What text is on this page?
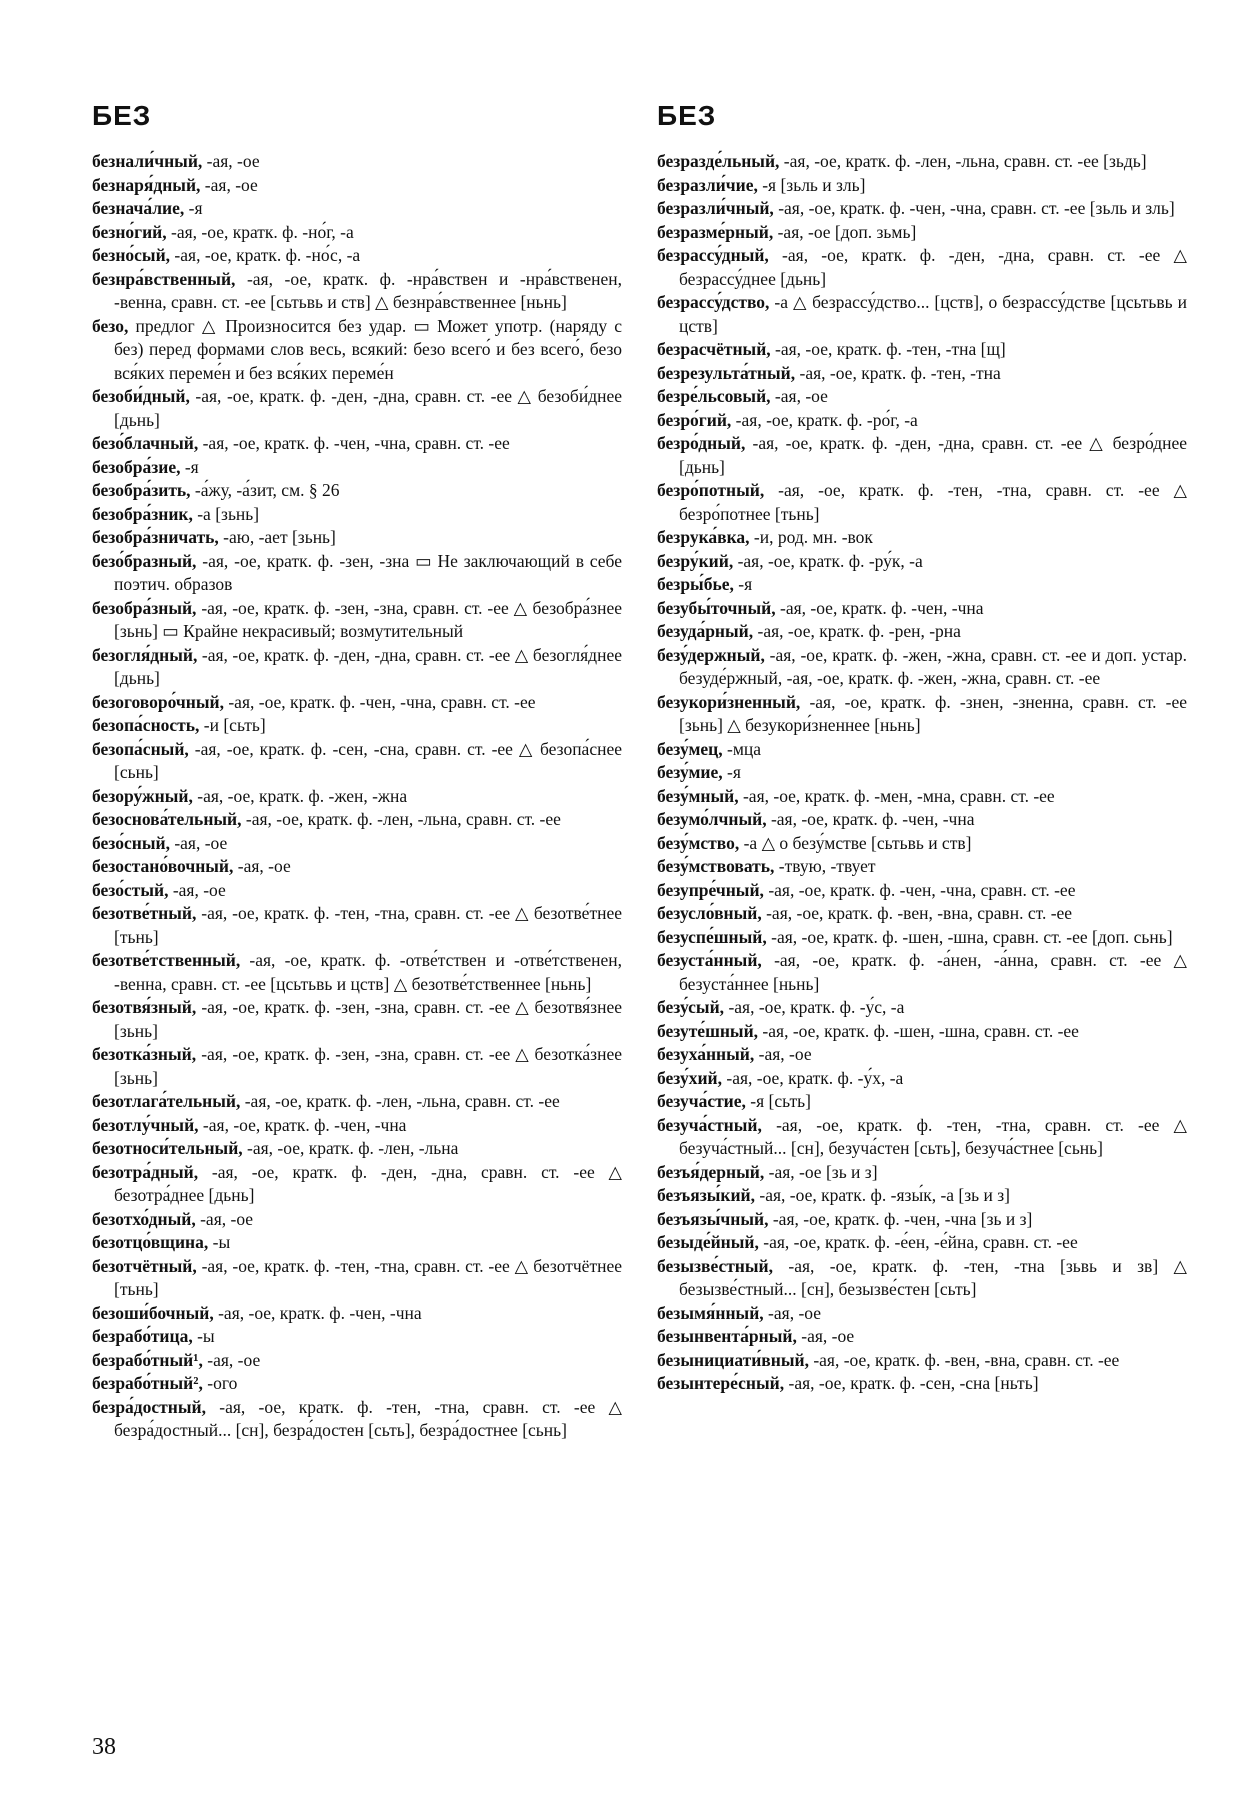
БЕЗ

безнали́чный, -ая, -ое

безнаря́дный, -ая, -ое

безнача́лие, -я

безно́гий, -ая, -ое, кратк. ф. -но́г, -а

безно́сый, -ая, -ое, кратк. ф. -но́с, -а

безнра́вственный, -ая, -ое, кратк. ф. -нра́вствен и -нра́вственен, -венна, сравн. ст. -ее [сьтьвь и ств] △ безнра́вственнее [ньнь]

безо, предлог △ Произносится без удар. ▭ Может употр. (наряду с без) перед формами слов весь, всякий: безо всего́ и без всего́, безо вся́ких переме́н и без вся́ких переме́н

безоби́дный, -ая, -ое, кратк. ф. -ден, -дна, сравн. ст. -ее △ безоби́днее [дьнь]

безо́блачный, -ая, -ое, кратк. ф. -чен, -чна, сравн. ст. -ее

безобра́зие, -я

безобра́зить, -а́жу, -а́зит, см. § 26

безобра́зник, -а [зьнь]

безобра́зничать, -аю, -ает [зьнь]

безо́бразный, -ая, -ое, кратк. ф. -зен, -зна ▭ Не заключающий в себе поэтич. образов

безобра́зный, -ая, -ое, кратк. ф. -зен, -зна, сравн. ст. -ее △ безобра́знее [зьнь] ▭ Крайне некрасивый; возмутительный

безогля́дный, -ая, -ое, кратк. ф. -ден, -дна, сравн. ст. -ее △ безогля́днее [дьнь]

безоговоро́чный, -ая, -ое, кратк. ф. -чен, -чна, сравн. ст. -ее

безопа́сность, -и [сьть]

безопа́сный, -ая, -ое, кратк. ф. -сен, -сна, сравн. ст. -ее △ безопа́снее [сьнь]

безору́жный, -ая, -ое, кратк. ф. -жен, -жна

безоснова́тельный, -ая, -ое, кратк. ф. -лен, -льна, сравн. ст. -ее

безо́сный, -ая, -ое

безостано́вочный, -ая, -ое

безо́стый, -ая, -ое

безотве́тный, -ая, -ое, кратк. ф. -тен, -тна, сравн. ст. -ее △ безотве́тнее [тьнь]

безотве́тственный, -ая, -ое, кратк. ф. -отве́тствен и -отве́тственен, -венна, сравн. ст. -ее [цсьтьвь и цств] △ безотве́тственнее [ньнь]

безотвя́зный, -ая, -ое, кратк. ф. -зен, -зна, сравн. ст. -ее △ безотвя́знее [зьнь]

безотка́зный, -ая, -ое, кратк. ф. -зен, -зна, сравн. ст. -ее △ безотка́знее [зьнь]

безотлага́тельный, -ая, -ое, кратк. ф. -лен, -льна, сравн. ст. -ее

безотлу́чный, -ая, -ое, кратк. ф. -чен, -чна

безотноси́тельный, -ая, -ое, кратк. ф. -лен, -льна

безотра́дный, -ая, -ое, кратк. ф. -ден, -дна, сравн. ст. -ее △ безотра́днее [дьнь]

безотхо́дный, -ая, -ое

безотцо́вщина, -ы

безотчётный, -ая, -ое, кратк. ф. -тен, -тна, сравн. ст. -ее △ безотчётнее [тьнь]

безоши́бочный, -ая, -ое, кратк. ф. -чен, -чна

безрабо́тица, -ы

безрабо́тный¹, -ая, -ое

безрабо́тный², -ого

безра́достный, -ая, -ое, кратк. ф. -тен, -тна, сравн. ст. -ее △ безра́достный... [сн], безра́достен [сьть], безра́достнее [сьнь]

БЕЗ

безразде́льный, -ая, -ое, кратк. ф. -лен, -льна, сравн. ст. -ее [зьдь]

безразли́чие, -я [зьль и зль]

безразли́чный, -ая, -ое, кратк. ф. -чен, -чна, сравн. ст. -ее [зьль и зль]

безразме́рный, -ая, -ое [доп. зьмь]

безрассу́дный, -ая, -ое, кратк. ф. -ден, -дна, сравн. ст. -ее △ безрассу́днее [дьнь]

безрассу́дство, -а △ безрассу́дство... [цств], о безрассу́дстве [цсьтьвь и цств]

безрасчётный, -ая, -ое, кратк. ф. -тен, -тна [щ]

безрезульта́тный, -ая, -ое, кратк. ф. -тен, -тна

безре́льсовый, -ая, -ое

безро́гий, -ая, -ое, кратк. ф. -ро́г, -а

безро́дный, -ая, -ое, кратк. ф. -ден, -дна, сравн. ст. -ее △ безро́днее [дьнь]

безро́потный, -ая, -ое, кратк. ф. -тен, -тна, сравн. ст. -ее △ безро́потнее [тьнь]

безрука́вка, -и, род. мн. -вок

безру́кий, -ая, -ое, кратк. ф. -ру́к, -а

безры́бье, -я

безубы́точный, -ая, -ое, кратк. ф. -чен, -чна

безуда́рный, -ая, -ое, кратк. ф. -рен, -рна

безу́держный, -ая, -ое, кратк. ф. -жен, -жна, сравн. ст. -ее и доп. устар. безуде́ржный, -ая, -ое, кратк. ф. -жен, -жна, сравн. ст. -ее

безукори́зненный, -ая, -ое, кратк. ф. -знен, -зненна, сравн. ст. -ее [зьнь] △ безукори́зненнее [ньнь]

безу́мец, -мца

безу́мие, -я

безу́мный, -ая, -ое, кратк. ф. -мен, -мна, сравн. ст. -ее

безумо́лчный, -ая, -ое, кратк. ф. -чен, -чна

безу́мство, -а △ о безу́мстве [сьтьвь и ств]

безу́мствовать, -твую, -твует

безупре́чный, -ая, -ое, кратк. ф. -чен, -чна, сравн. ст. -ее

безусло́вный, -ая, -ое, кратк. ф. -вен, -вна, сравн. ст. -ее

безуспе́шный, -ая, -ое, кратк. ф. -шен, -шна, сравн. ст. -ее [доп. сьнь]

безуста́нный, -ая, -ое, кратк. ф. -а́нен, -а́нна, сравн. ст. -ее △ безуста́ннее [ньнь]

безу́сый, -ая, -ое, кратк. ф. -у́с, -а

безуте́шный, -ая, -ое, кратк. ф. -шен, -шна, сравн. ст. -ее

безуха́нный, -ая, -ое

безу́хий, -ая, -ое, кратк. ф. -у́х, -а

безуча́стие, -я [сьть]

безуча́стный, -ая, -ое, кратк. ф. -тен, -тна, сравн. ст. -ее △ безуча́стный... [сн], безуча́стен [сьть], безуча́стнее [сьнь]

безъя́дерный, -ая, -ое [зь и з]

безъязы́кий, -ая, -ое, кратк. ф. -язы́к, -а [зь и з]

безъязы́чный, -ая, -ое, кратк. ф. -чен, -чна [зь и з]

безыде́йный, -ая, -ое, кратк. ф. -е́ен, -е́йна, сравн. ст. -ее

безызве́стный, -ая, -ое, кратк. ф. -тен, -тна [зьвь и зв] △ безызве́стный... [сн], безызве́стен [сьть]

безымя́нный, -ая, -ое

безынвента́рный, -ая, -ое

безынициати́вный, -ая, -ое, кратк. ф. -вен, -вна, сравн. ст. -ее

безынтере́сный, -ая, -ое, кратк. ф. -сен, -сна [ньть]

38
